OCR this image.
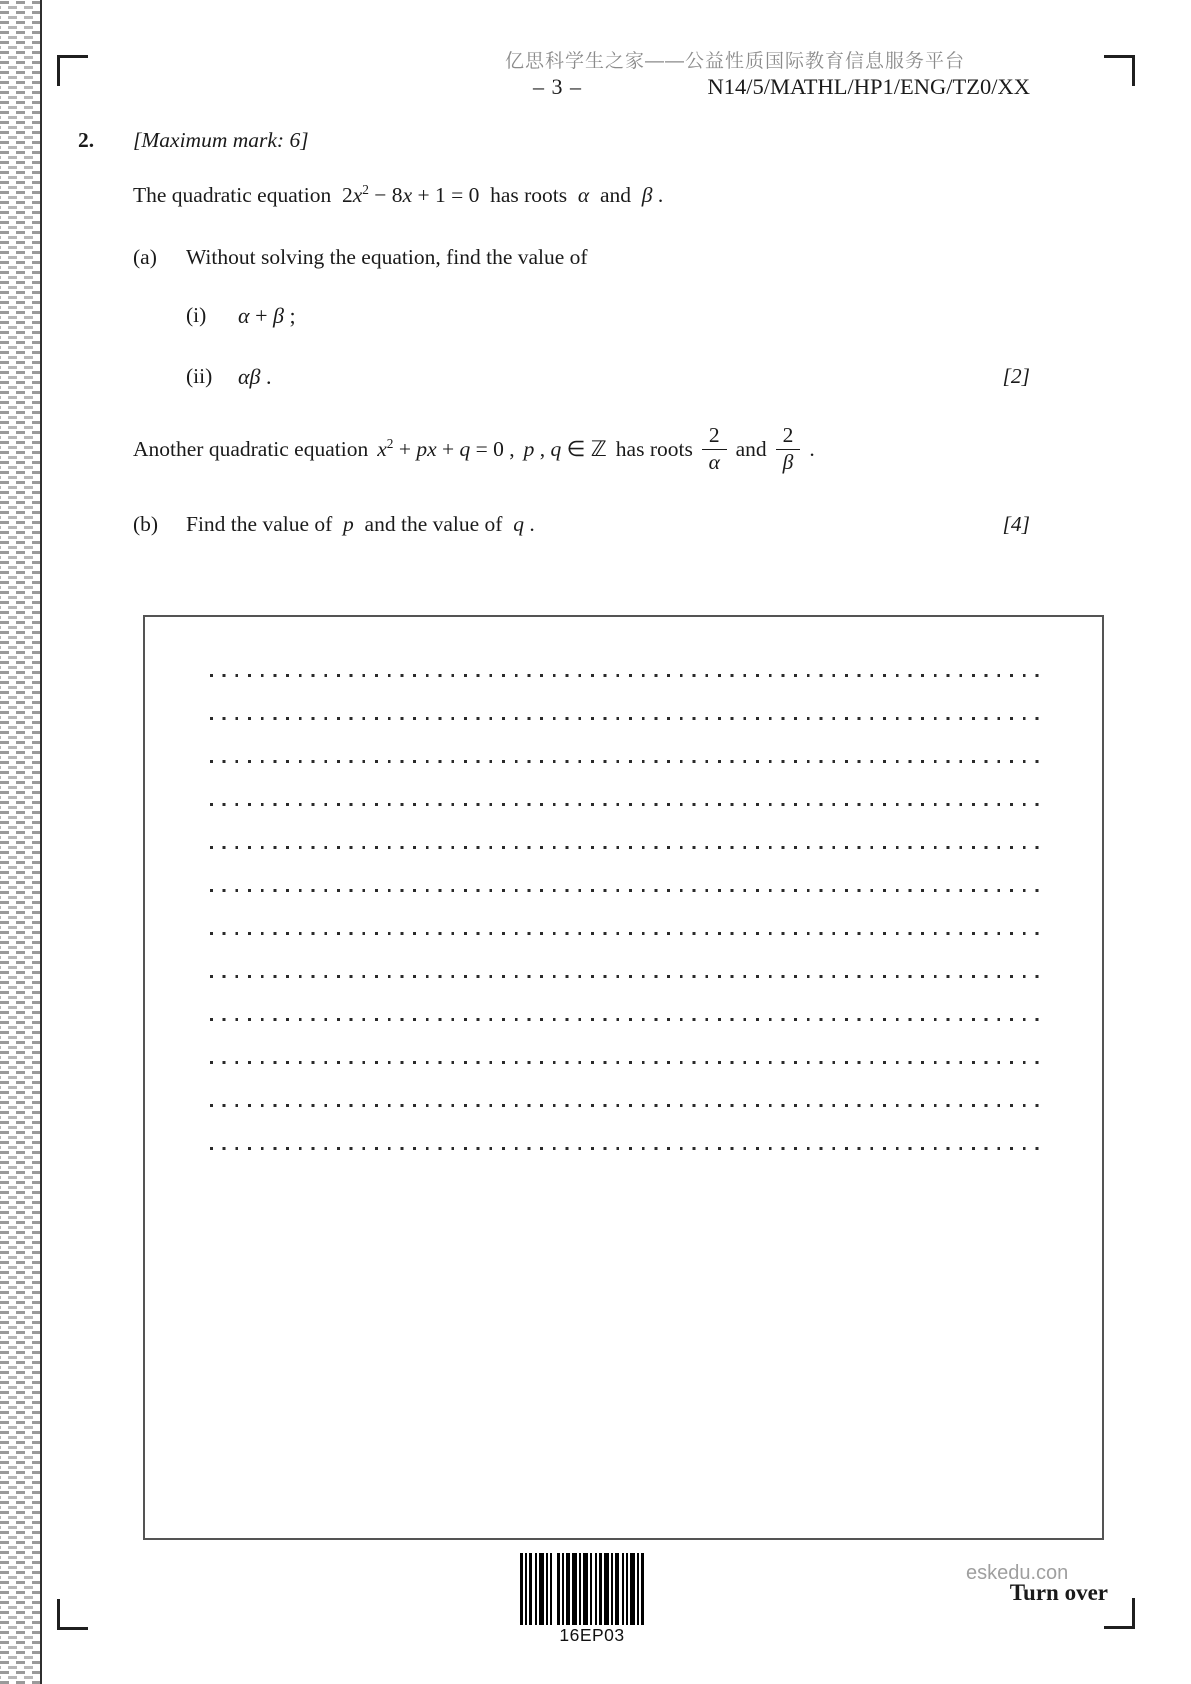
亿思科学生之家——公益性质国际教育信息服务平台
– 3 –	N14/5/MATHL/HP1/ENG/TZ0/XX
2. [Maximum mark: 6]
The quadratic equation  $2x^2 - 8x + 1 = 0$  has roots  α  and  β .
(a) Without solving the equation, find the value of
(i) α + β ;
(ii) αβ .	[2]
Another quadratic equation $x^2$ + px + q = 0 , p , q ∈ ℤ has roots $\frac{2}{\alpha}$ and $\frac{2}{\beta}$ .
(b) Find the value of  p  and the value of  q .	[4]
16EP03
eskedu.con
Turn over
